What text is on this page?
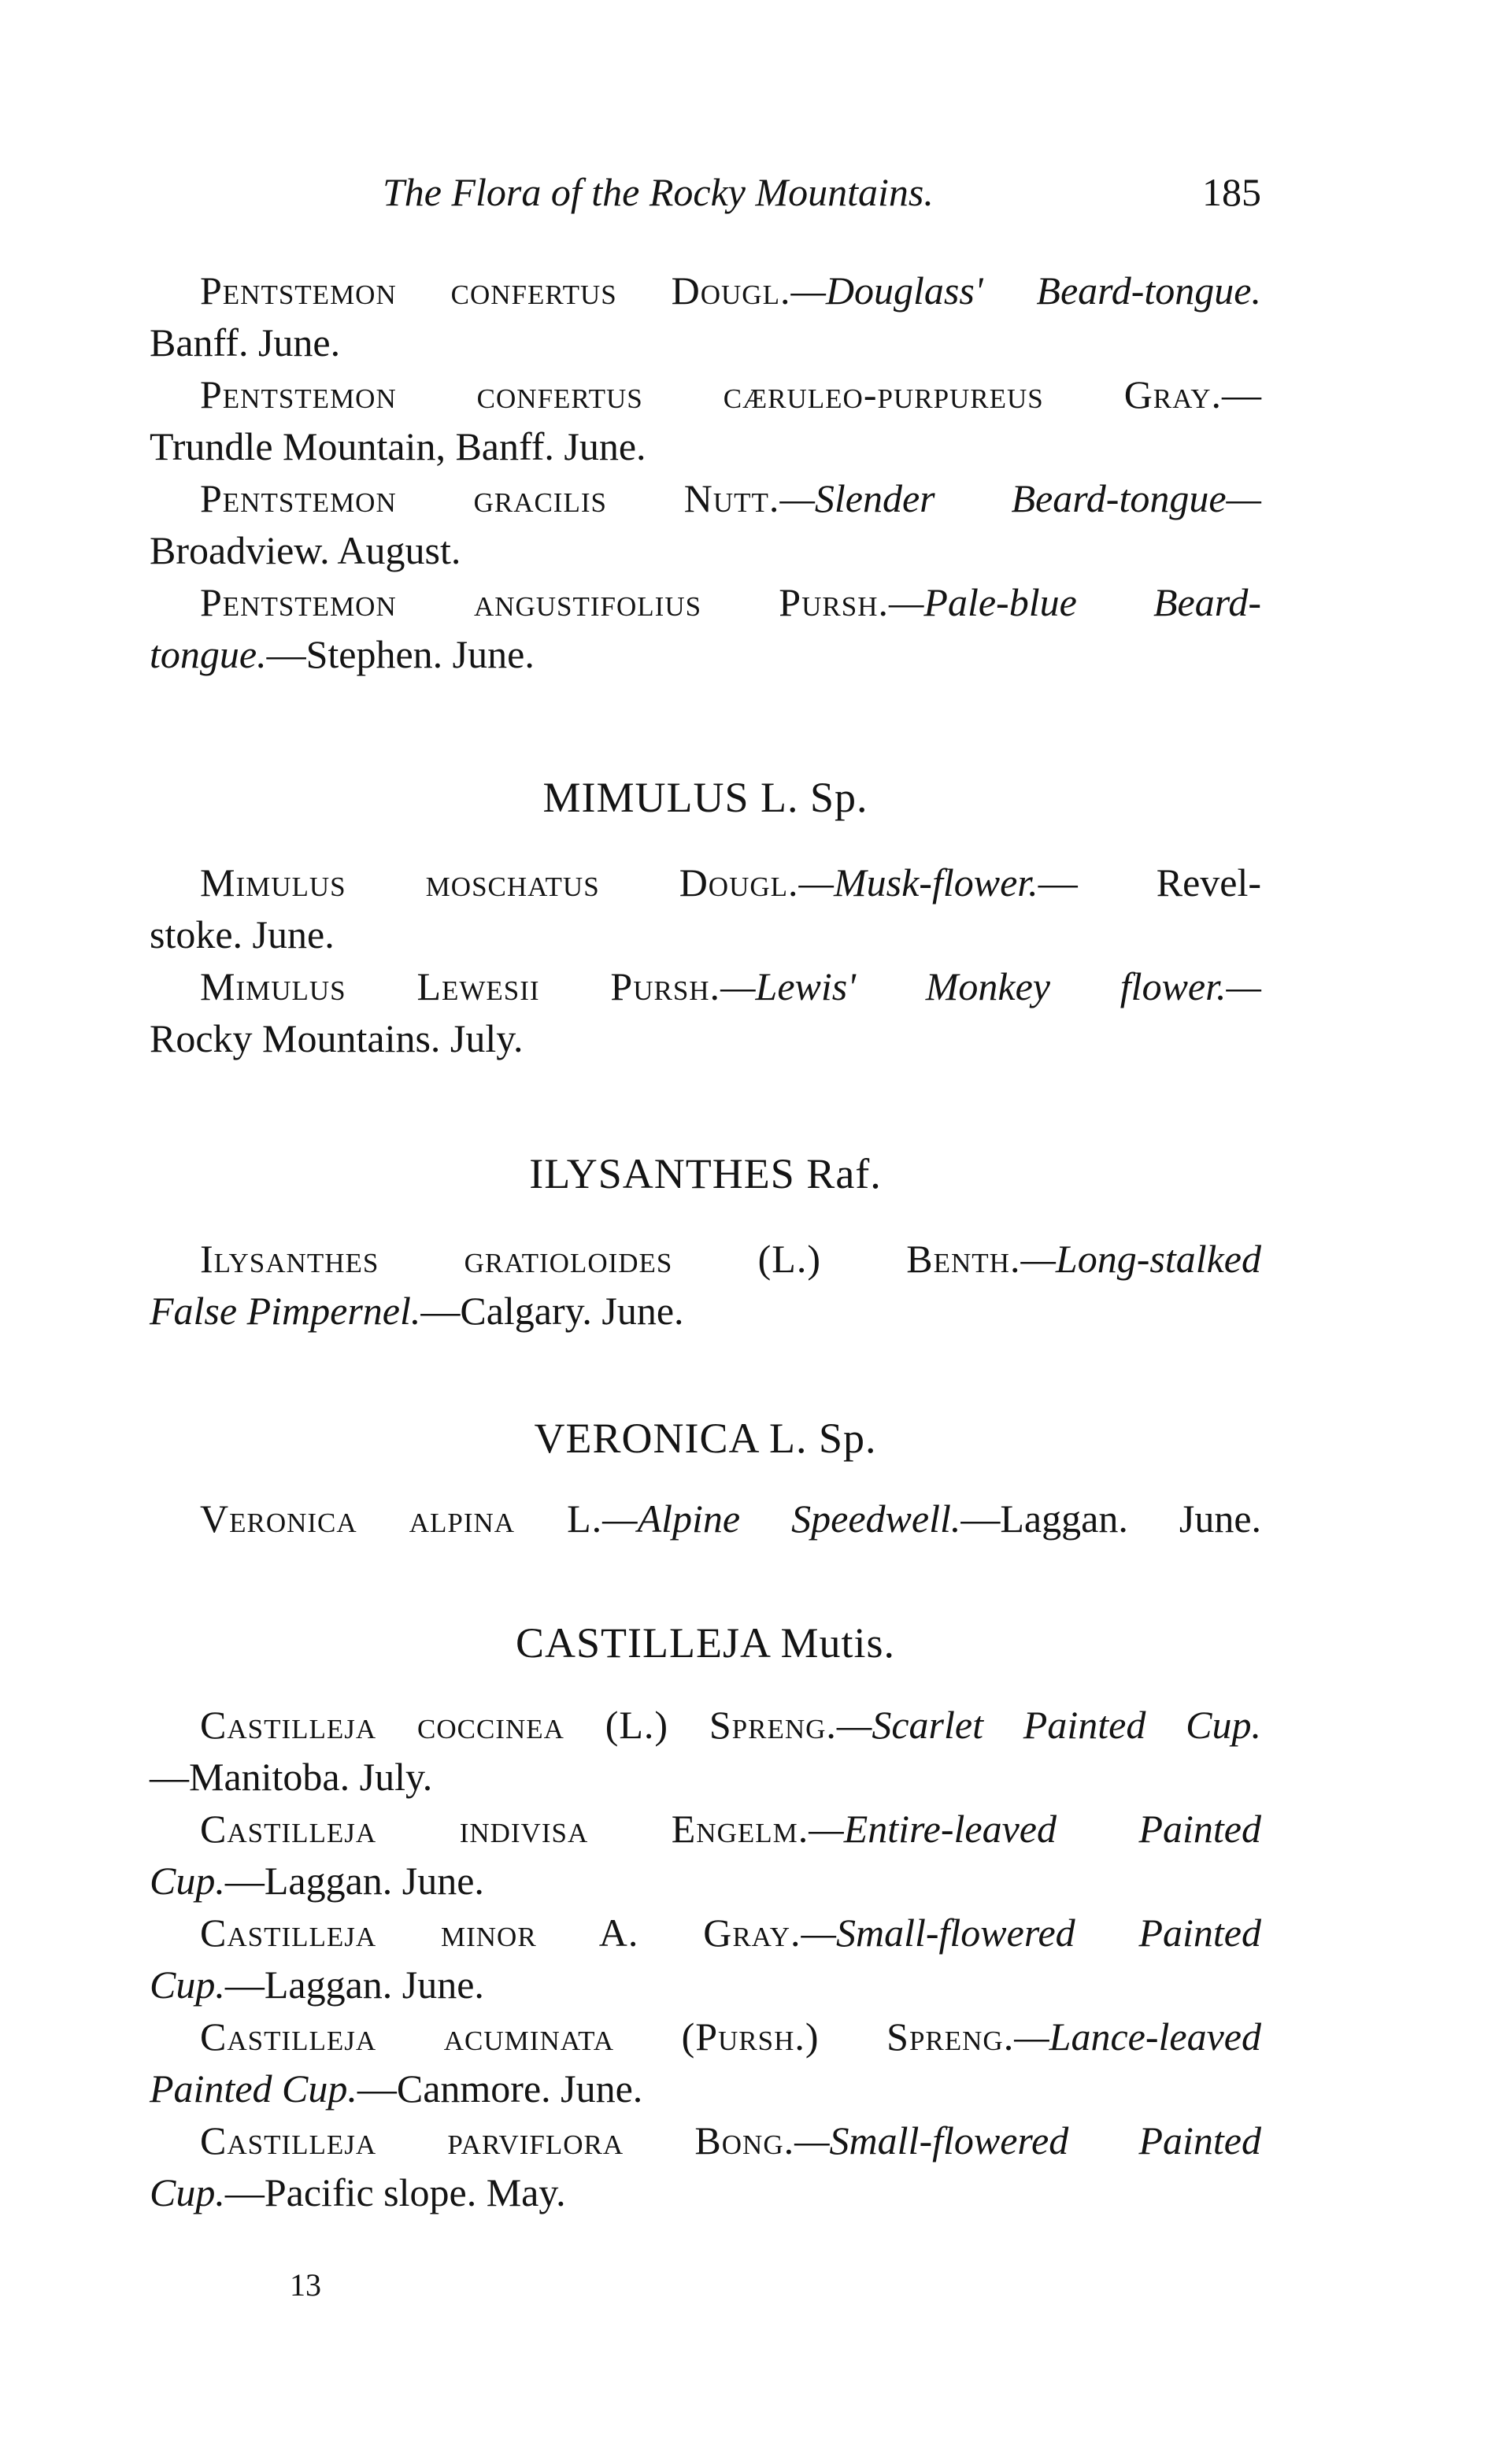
The Flora of the Rocky Mountains.	185
Pentstemon confertus Dougl.—Douglass' Beard-tongue.
Banff. June.
Pentstemon confertus cæruleo-purpureus Gray.—
Trundle Mountain, Banff. June.
Pentstemon gracilis Nutt.—Slender Beard-tongue—
Broadview. August.
Pentstemon angustifolius Pursh.—Pale-blue Beard-
tongue.—Stephen. June.
MIMULUS L. Sp.
Mimulus moschatus Dougl.—Musk-flower.— Revel-
stoke. June.
Mimulus Lewesii Pursh.—Lewis' Monkey flower.—
Rocky Mountains. July.
ILYSANTHES Raf.
Ilysanthes gratioloides (L.) Benth.—Long-stalked
False Pimpernel.—Calgary. June.
VERONICA L. Sp.
Veronica alpina L.—Alpine Speedwell.—Laggan. June.
CASTILLEJA Mutis.
Castilleja coccinea (L.) Spreng.—Scarlet Painted Cup.
—Manitoba. July.
Castilleja indivisa Engelm.—Entire-leaved Painted
Cup.—Laggan. June.
Castilleja minor A. Gray.—Small-flowered Painted
Cup.—Laggan. June.
Castilleja acuminata (Pursh.) Spreng.—Lance-leaved
Painted Cup.—Canmore. June.
Castilleja parviflora Bong.—Small-flowered Painted
Cup.—Pacific slope. May.
13
